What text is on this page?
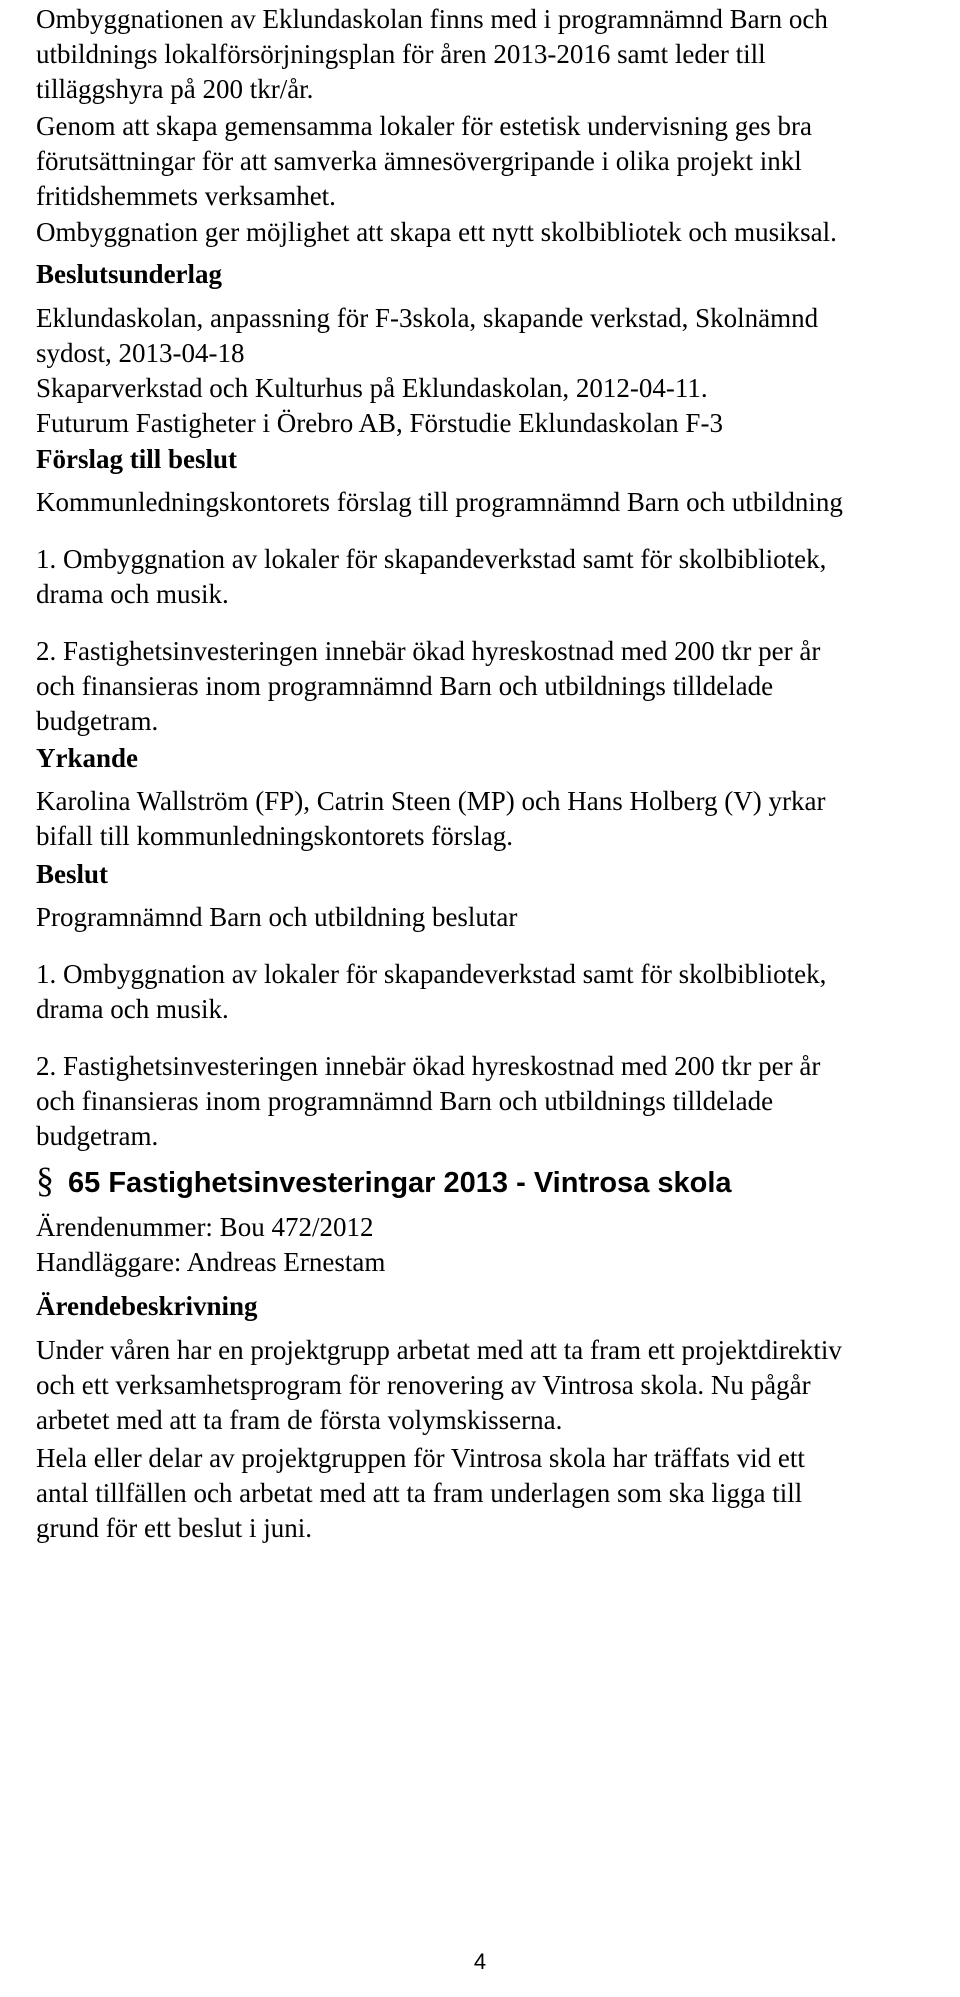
Ombyggnationen av Eklundaskolan finns med i programnämnd Barn och
utbildnings lokalförsörjningsplan för åren 2013-2016 samt leder till
tilläggshyra på 200 tkr/år.
Genom att skapa gemensamma lokaler för estetisk undervisning ges bra
förutsättningar för att samverka ämnesövergripande i olika projekt inkl
fritidshemmets verksamhet.
Ombyggnation ger möjlighet att skapa ett nytt skolbibliotek och musiksal.
Beslutsunderlag
Eklundaskolan, anpassning för F-3skola, skapande verkstad, Skolnämnd
sydost, 2013-04-18
Skaparverkstad och Kulturhus på Eklundaskolan, 2012-04-11.
Futurum Fastigheter i Örebro AB, Förstudie Eklundaskolan F-3
Förslag till beslut
Kommunledningskontorets förslag till programnämnd Barn och utbildning
1. Ombyggnation av lokaler för skapandeverkstad samt för skolbibliotek,
drama och musik.
2. Fastighetsinvesteringen innebär ökad hyreskostnad med 200 tkr per år
och finansieras inom programnämnd Barn och utbildnings tilldelade
budgetram.
Yrkande
Karolina Wallström (FP), Catrin Steen (MP) och Hans Holberg (V) yrkar
bifall till kommunledningskontorets förslag.
Beslut
Programnämnd Barn och utbildning beslutar
1. Ombyggnation av lokaler för skapandeverkstad samt för skolbibliotek,
drama och musik.
2. Fastighetsinvesteringen innebär ökad hyreskostnad med 200 tkr per år
och finansieras inom programnämnd Barn och utbildnings tilldelade
budgetram.
§ 65 Fastighetsinvesteringar 2013 - Vintrosa skola
Ärendenummer: Bou 472/2012
Handläggare: Andreas Ernestam
Ärendebeskrivning
Under våren har en projektgrupp arbetat med att ta fram ett projektdirektiv
och ett verksamhetsprogram för renovering av Vintrosa skola. Nu pågår
arbetet med att ta fram de första volymskisserna.
Hela eller delar av projektgruppen för Vintrosa skola har träffats vid ett
antal tillfällen och arbetat med att ta fram underlagen som ska ligga till
grund för ett beslut i juni.
4
